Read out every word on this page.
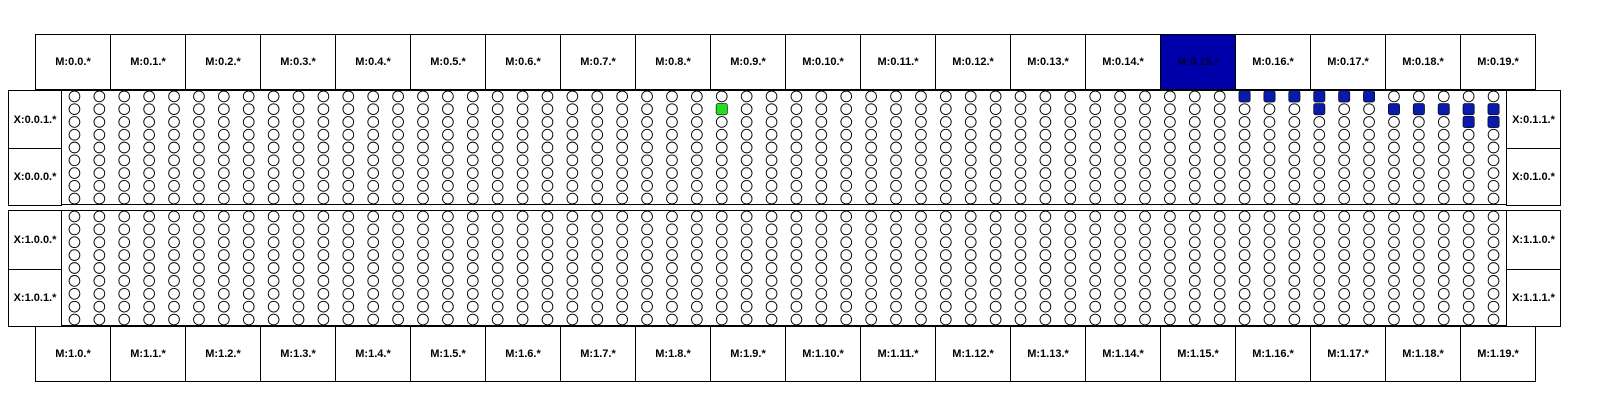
M:0.0.*	M:0.1.*	M:0.2.*	M:0.3.*	M:0.4.*	M:0.5.*	M:0.6.*	M:0.7.*	M:0.8.*	M:0.9.*	M:0.10.*	M:0.11.*	M:0.12.*	M:0.13.*	M:0.14.*	M:0.15.*	M:0.16.*	M:0.17.*	M:0.18.*	M:0.19.*
X:0.0.1.*	X:0.1.1.*
X:0.0.0.*	X:0.1.0.*
X:1.0.0.*	X:1.1.0.*
X:1.0.1.*	X:1.1.1.*
M:1.0.*	M:1.1.*	M:1.2.*	M:1.3.*	M:1.4.*	M:1.5.*	M:1.6.*	M:1.7.*	M:1.8.*	M:1.9.*	M:1.10.*	M:1.11.*	M:1.12.*	M:1.13.*	M:1.14.*	M:1.15.*	M:1.16.*	M:1.17.*	M:1.18.*	M:1.19.*
